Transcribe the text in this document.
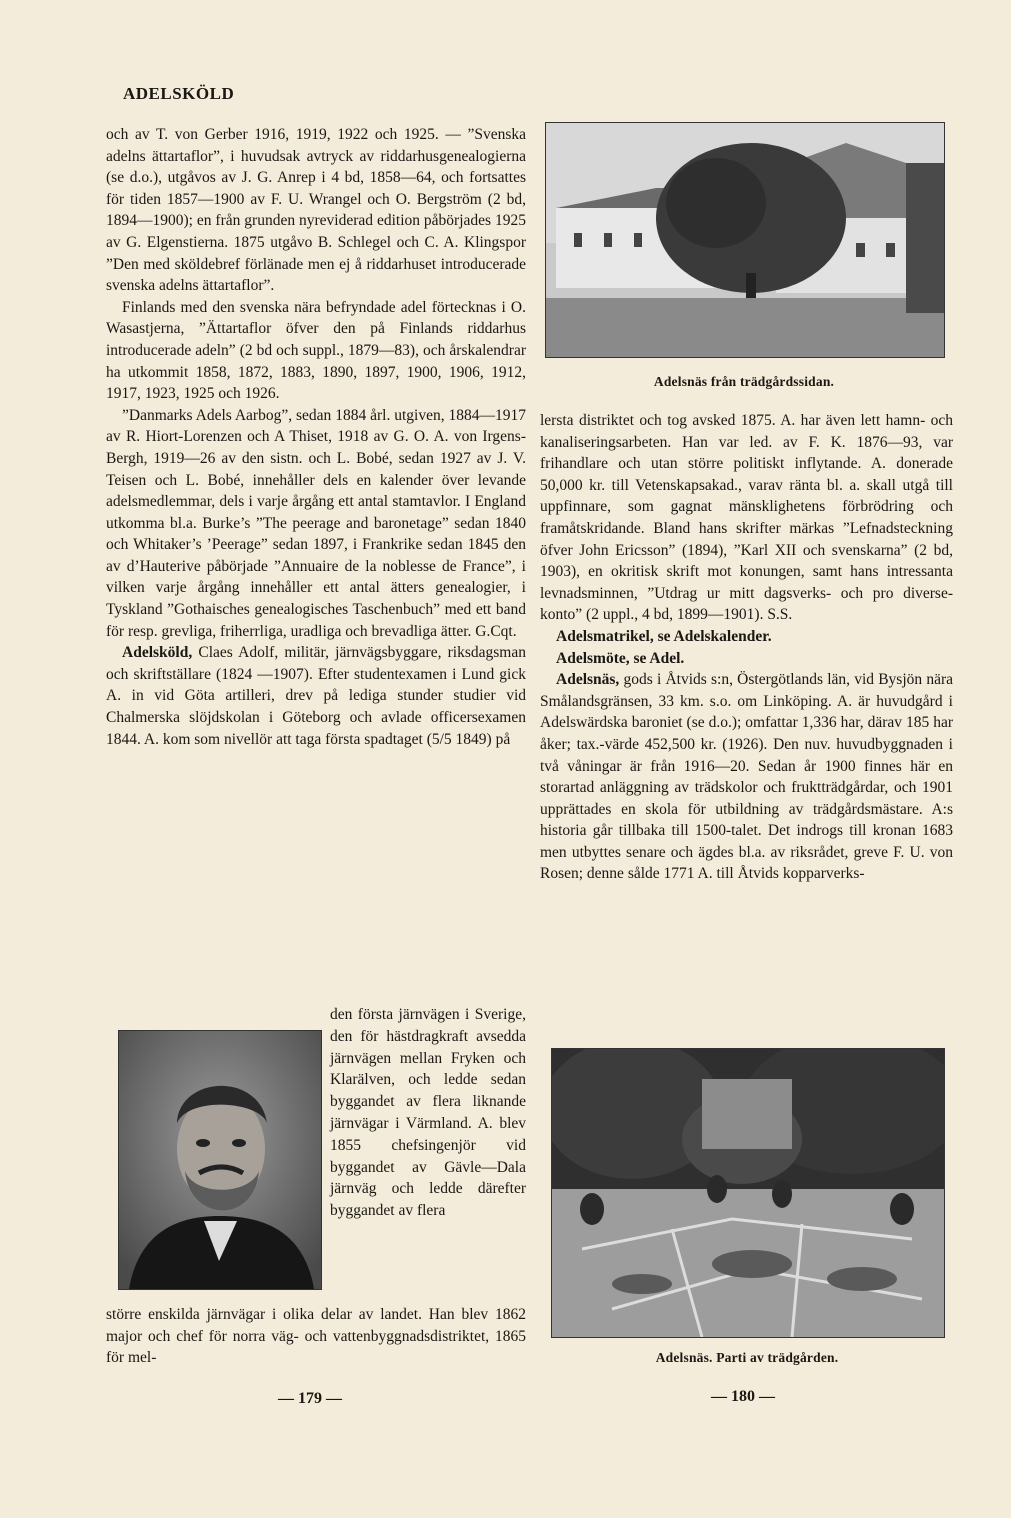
ADELSKÖLD

och av T. von Gerber 1916, 1919, 1922 och 1925. — ”Svenska adelns ättartaflor”, i huvudsak avtryck av riddarhusgenealogierna (se d.o.), utgåvos av J. G. Anrep i 4 bd, 1858—64, och fortsattes för tiden 1857—1900 av F. U. Wrangel och O. Bergström (2 bd, 1894—1900); en från grunden nyreviderad edition påbörjades 1925 av G. Elgenstierna. 1875 utgåvo B. Schlegel och C. A. Klingspor ”Den med sköldebref förlänade men ej å riddarhuset introducerade svenska adelns ättartaflor”.

Finlands med den svenska nära befryndade adel förtecknas i O. Wasastjerna, ”Ättartaflor öfver den på Finlands riddarhus introducerade adeln” (2 bd och suppl., 1879—83), och årskalendrar ha utkommit 1858, 1872, 1883, 1890, 1897, 1900, 1906, 1912, 1917, 1923, 1925 och 1926.

”Danmarks Adels Aarbog”, sedan 1884 årl. utgiven, 1884—1917 av R. Hiort-Lorenzen och A Thiset, 1918 av G. O. A. von Irgens-Bergh, 1919—26 av den sistn. och L. Bobé, sedan 1927 av J. V. Teisen och L. Bobé, innehåller dels en kalender över levande adelsmedlemmar, dels i varje årgång ett antal stamtavlor. I England utkomma bl.a. Burke’s ”The peerage and baronetage” sedan 1840 och Whitaker’s ’Peerage” sedan 1897, i Frankrike sedan 1845 den av d’Hauterive påbörjade ”Annuaire de la noblesse de France”, i vilken varje årgång innehåller ett antal ätters genealogier, i Tyskland ”Gothaisches genealogisches Taschenbuch” med ett band för resp. grevliga, friherrliga, uradliga och brevadliga ätter. G.Cqt.

Adelsköld, Claes Adolf, militär, järnvägsbyggare, riksdagsman och skriftställare (1824 —1907). Efter studentexamen i Lund gick A. in vid Göta artilleri, drev på lediga stunder studier vid Chalmerska slöjdskolan i Göteborg och avlade officersexamen 1844. A. kom som nivellör att taga första spadtaget (5/5 1849) på

den första järnvägen i Sverige, den för hästdragkraft avsedda järnvägen mellan Fryken och Klarälven, och ledde sedan byggandet av flera liknande järnvägar i Värmland. A. blev 1855 chefsingenjör vid byggandet av Gävle—Dala järnväg och ledde därefter byggandet av flera

större enskilda järnvägar i olika delar av landet. Han blev 1862 major och chef för norra väg- och vattenbyggnadsdistriktet, 1865 för mel-

Adelsnäs från trädgårdssidan.

lersta distriktet och tog avsked 1875. A. har även lett hamn- och kanaliseringsarbeten. Han var led. av F. K. 1876—93, var frihandlare och utan större politiskt inflytande. A. donerade 50,000 kr. till Vetenskapsakad., varav ränta bl. a. skall utgå till uppfinnare, som gagnat mänsklighetens förbrödring och framåtskridande. Bland hans skrifter märkas ”Lefnadsteckning öfver John Ericsson” (1894), ”Karl XII och svenskarna” (2 bd, 1903), en okritisk skrift mot konungen, samt hans intressanta levnadsminnen, ”Utdrag ur mitt dagsverks- och pro diverse-konto” (2 uppl., 4 bd, 1899—1901). S.S.

Adelsmatrikel, se Adelskalender.

Adelsmöte, se Adel.

Adelsnäs, gods i Åtvids s:n, Östergötlands län, vid Bysjön nära Smålandsgränsen, 33 km. s.o. om Linköping. A. är huvudgård i Adelswärdska baroniet (se d.o.); omfattar 1,336 har, därav 185 har åker; tax.-värde 452,500 kr. (1926). Den nuv. huvudbyggnaden i två våningar är från 1916—20. Sedan år 1900 finnes här en storartad anläggning av trädskolor och fruktträdgårdar, och 1901 upprättades en skola för utbildning av trädgårdsmästare. A:s historia går tillbaka till 1500-talet. Det indrogs till kronan 1683 men utbyttes senare och ägdes bl.a. av riksrådet, greve F. U. von Rosen; denne sålde 1771 A. till Åtvids kopparverks-

Adelsnäs. Parti av trädgården.
— 179 —	— 180 —
